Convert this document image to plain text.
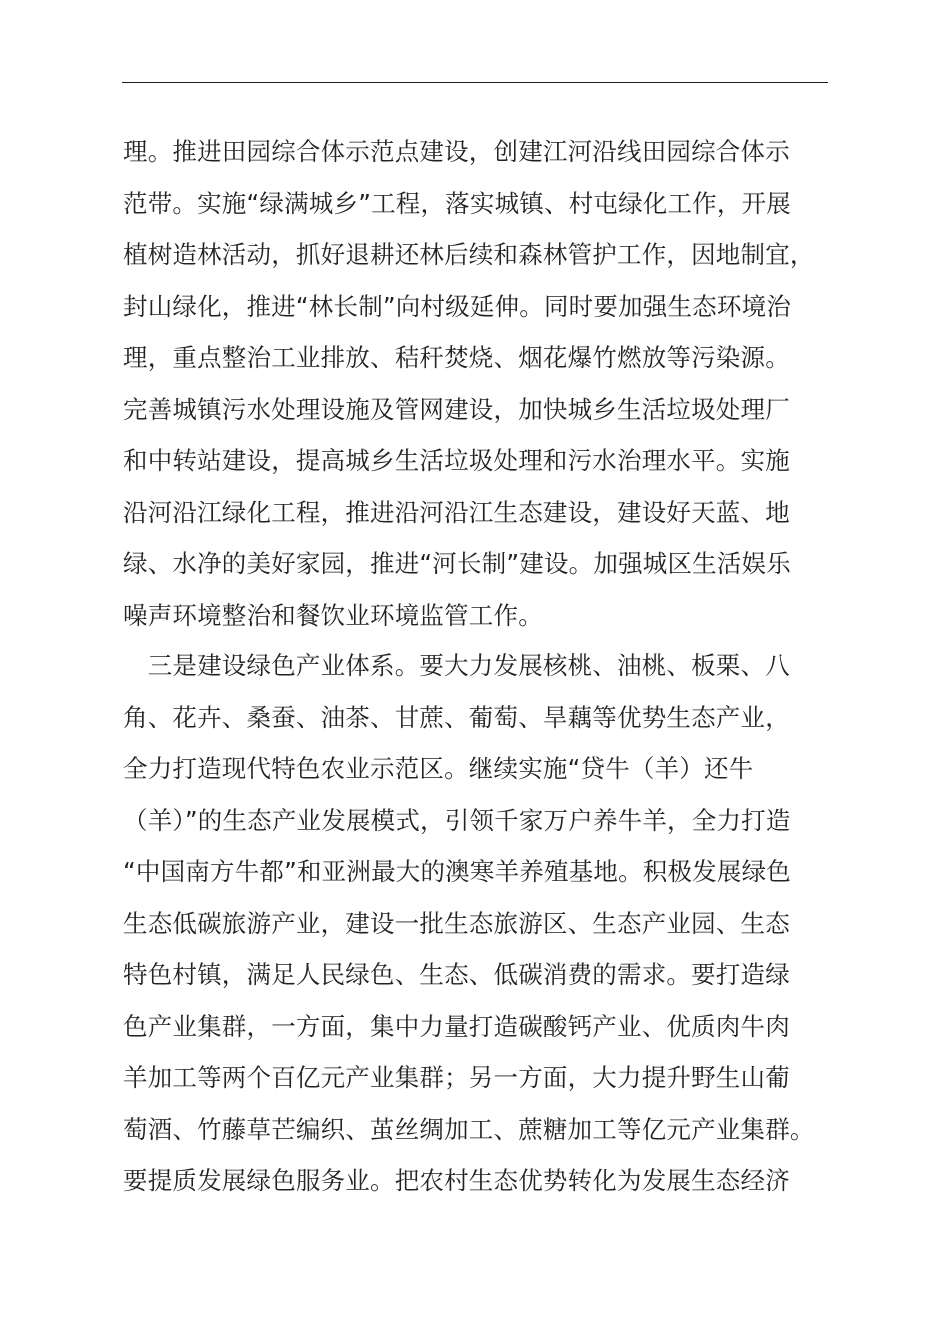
理。推进田园综合体示范点建设，创建江河沿线田园综合体示
范带。实施“绿满城乡”工程，落实城镇、村屯绿化工作，开展
植树造林活动，抓好退耕还林后续和森林管护工作，因地制宜，
封山绿化，推进“林长制”向村级延伸。同时要加强生态环境治
理，重点整治工业排放、秸秆焚烧、烟花爆竹燃放等污染源。
完善城镇污水处理设施及管网建设，加快城乡生活垃圾处理厂
和中转站建设，提高城乡生活垃圾处理和污水治理水平。实施
沿河沿江绿化工程，推进沿河沿江生态建设，建设好天蓝、地
绿、水净的美好家园，推进“河长制”建设。加强城区生活娱乐
噪声环境整治和餐饮业环境监管工作。
　三是建设绿色产业体系。要大力发展核桃、油桃、板栗、八
角、花卉、桑蚕、油茶、甘蔗、葡萄、旱藕等优势生态产业，
全力打造现代特色农业示范区。继续实施“贷牛（羊）还牛
（羊）”的生态产业发展模式，引领千家万户养牛羊，全力打造
“中国南方牛都”和亚洲最大的澳寒羊养殖基地。积极发展绿色
生态低碳旅游产业，建设一批生态旅游区、生态产业园、生态
特色村镇，满足人民绿色、生态、低碳消费的需求。要打造绿
色产业集群，一方面，集中力量打造碳酸钙产业、优质肉牛肉
羊加工等两个百亿元产业集群；另一方面，大力提升野生山葡
萄酒、竹藤草芒编织、茧丝绸加工、蔗糖加工等亿元产业集群。
要提质发展绿色服务业。把农村生态优势转化为发展生态经济
